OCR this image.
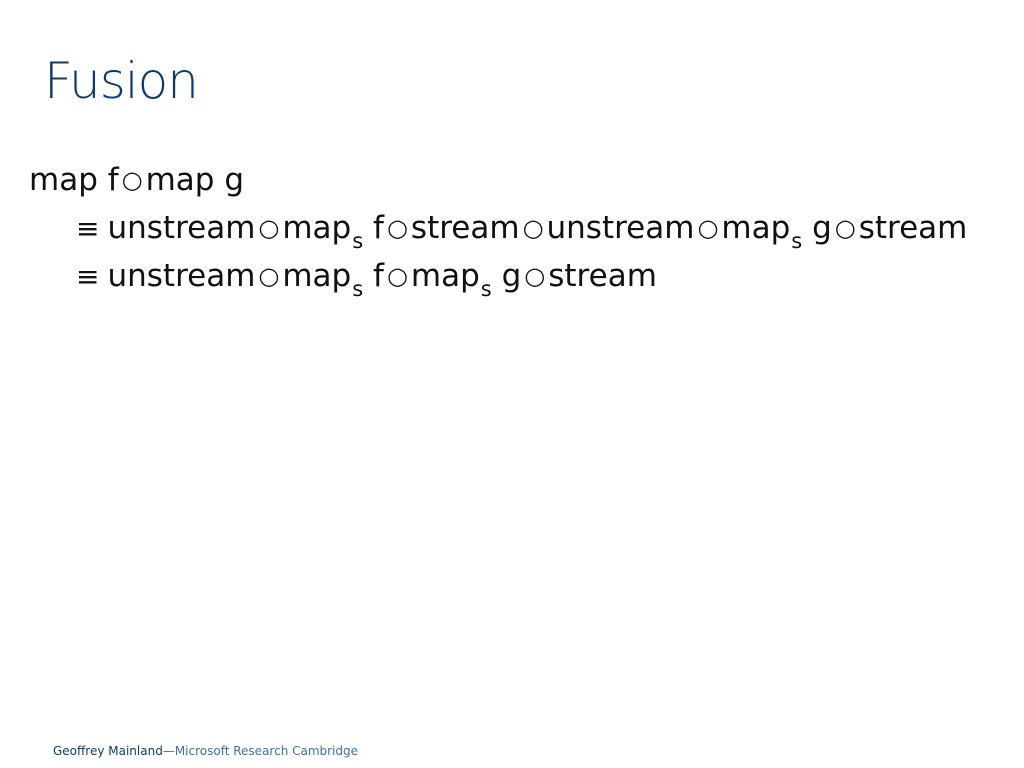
Fusion
map f ○map g
≡ unstream ○map$_s$ f ○stream ○unstream ○map$_s$ g ○stream
≡ unstream ○map$_s$ f ○map$_s$ g ○stream
Geoffrey Mainland—Microsoft Research Cambridge
